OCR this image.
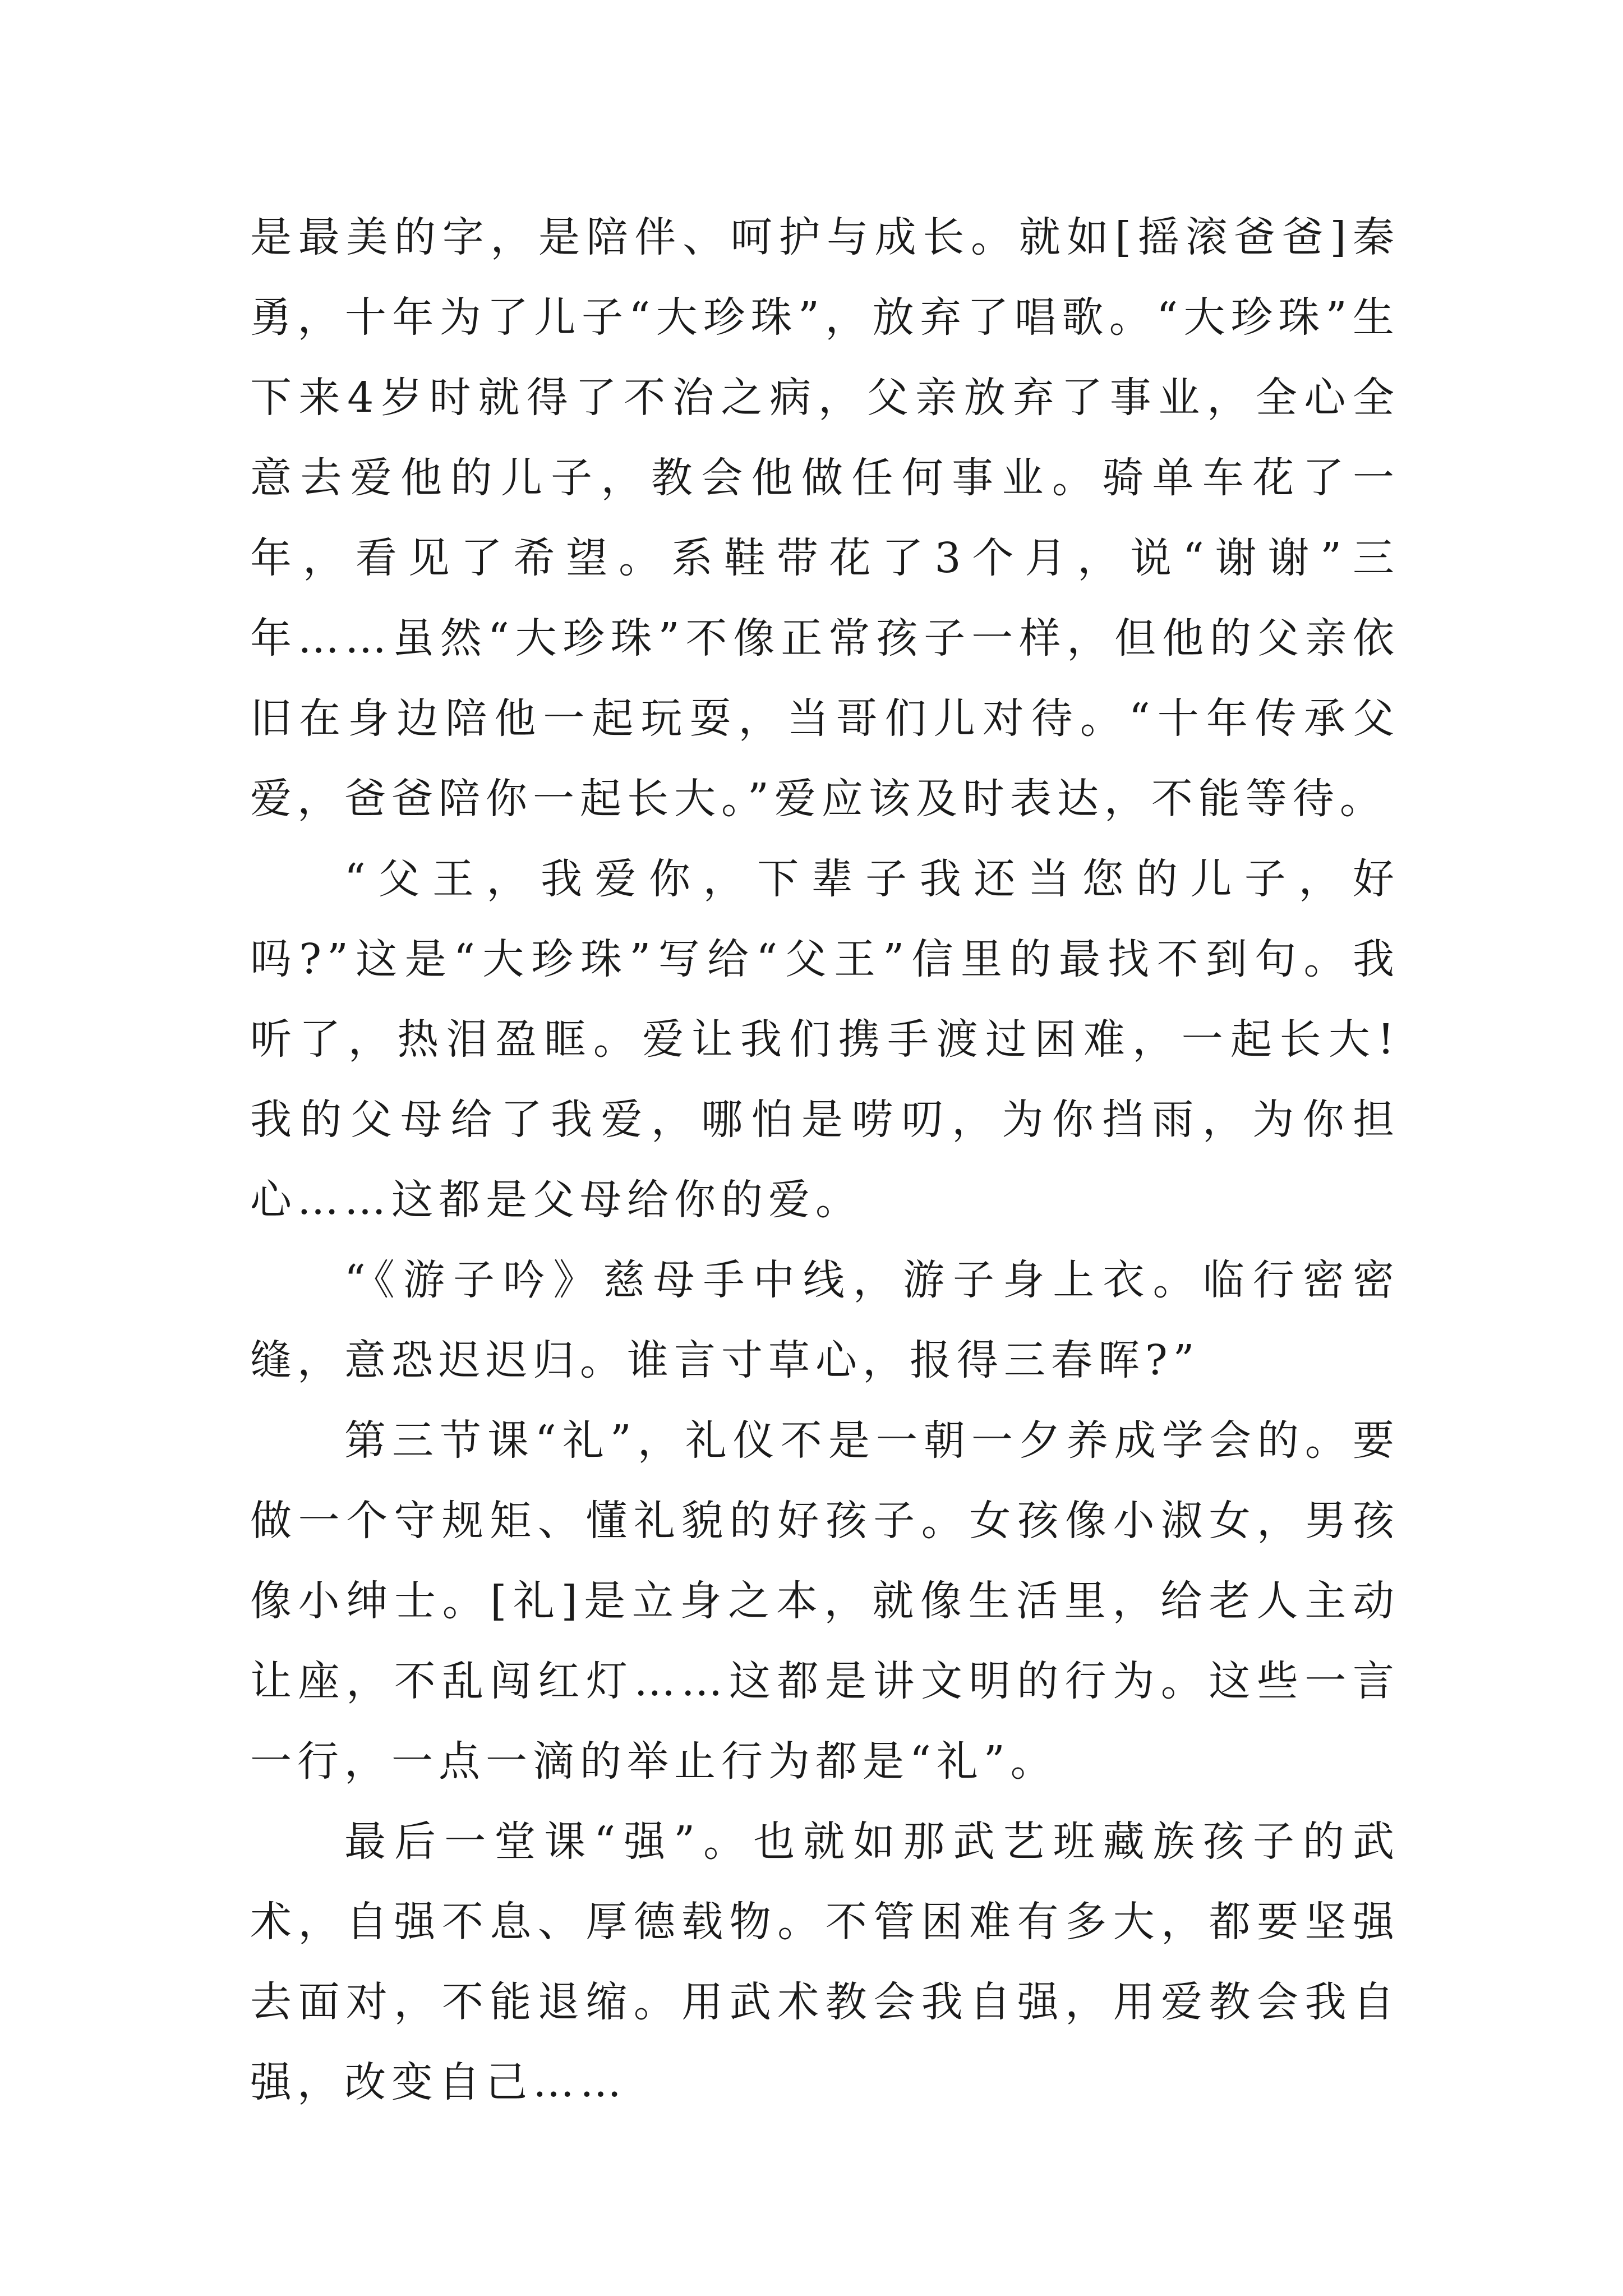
是最美的字，是陪伴、呵护与成长。就如[摇滚爸爸]秦勇，十年为了儿子“大珍珠”，放弃了唱歌。“大珍珠”生下来4岁时就得了不治之病，父亲放弃了事业，全心全意去爱他的儿子，教会他做任何事业。骑单车花了一年，看见了希望。系鞋带花了3个月，说“谢谢”三年……虽然“大珍珠”不像正常孩子一样，但他的父亲依旧在身边陪他一起玩耍，当哥们儿对待。“十年传承父爱，爸爸陪你一起长大。”爱应该及时表达，不能等待。

“父王，我爱你，下辈子我还当您的儿子，好吗?”这是“大珍珠”写给“父王”信里的最找不到句。我听了，热泪盈眶。爱让我们携手渡过困难，一起长大!我的父母给了我爱，哪怕是唠叨，为你挡雨，为你担心……这都是父母给你的爱。

“《游子吟》慈母手中线，游子身上衣。临行密密缝，意恐迟迟归。谁言寸草心，报得三春晖?”

第三节课“礼”，礼仪不是一朝一夕养成学会的。要做一个守规矩、懂礼貌的好孩子。女孩像小淑女，男孩像小绅士。[礼]是立身之本，就像生活里，给老人主动让座，不乱闯红灯……这都是讲文明的行为。这些一言一行，一点一滴的举止行为都是“礼”。

最后一堂课“强”。也就如那武艺班藏族孩子的武术，自强不息、厚德载物。不管困难有多大，都要坚强去面对，不能退缩。用武术教会我自强，用爱教会我自强，改变自己……
